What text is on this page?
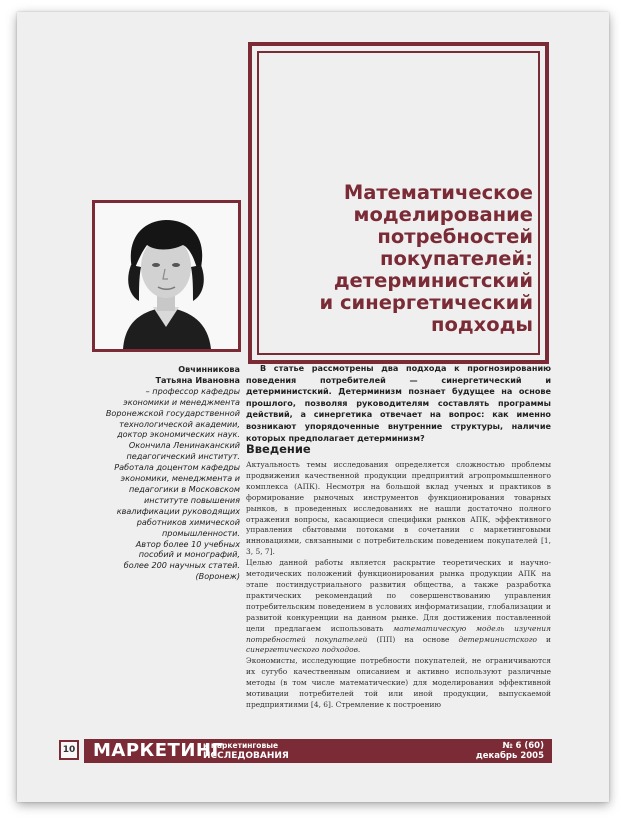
Математическое
моделирование
потребностей
покупателей:
детерминистский
и синергетический
подходы
Овчинникова
Татьяна Ивановна
– профессор кафедры
экономики и менеджмента
Воронежской государственной
технологической академии,
доктор экономических наук.
Окончила Ленинаканский
педагогический институт.
Работала доцентом кафедры
экономики, менеджмента и
педагогики в Московском
институте повышения
квалификации руководящих
работников химической
промышленности.
Автор более 10 учебных
пособий и монографий,
более 200 научных статей.
(Воронеж)

В статье рассмотрены два подхода к прогнозированию поведения потребителей — синергетический и детерминистский. Детерминизм познает будущее на основе прошлого, позволяя руководителям составлять программы действий, а синергетика отвечает на вопрос: как именно возникают упорядоченные внутренние структуры, наличие которых предполагает детерминизм?

Введение

Актуальность темы исследования определяется сложностью проблемы продвижения качественной продукции предприятий агропромышленного комплекса (АПК). Несмотря на большой вклад ученых и практиков в формирование рыночных инструментов функционирования товарных рынков, в проведенных исследованиях не нашли достаточно полного отражения вопросы, касающиеся специфики рынков АПК, эффективного управления сбытовыми потоками в сочетании с маркетинговыми инновациями, связанными с потребительским поведением покупателей [1, 3, 5, 7].

Целью данной работы является раскрытие теоретических и научно-методических положений функционирования рынка продукции АПК на этапе постиндустриального развития общества, а также разработка практических рекомендаций по совершенствованию управления потребительским поведением в условиях информатизации, глобализации и развитой конкуренции на данном рынке. Для достижения поставленной цели предлагаем использовать математическую модель изучения потребностей покупателей (ПП) на основе детерминистского и синергетического подходов.

Экономисты, исследующие потребности покупателей, не ограничиваются их сугубо качественным описанием и активно используют различные методы (в том числе математические) для моделирования эффективной мотивации потребителей той или иной продукции, выпускаемой предприятиями [4, 6]. Стремление к построению

10 МАРКЕТИНГ
и маркетинговые
ИССЛЕДОВАНИЯ
№ 6 (60)
декабрь 2005
